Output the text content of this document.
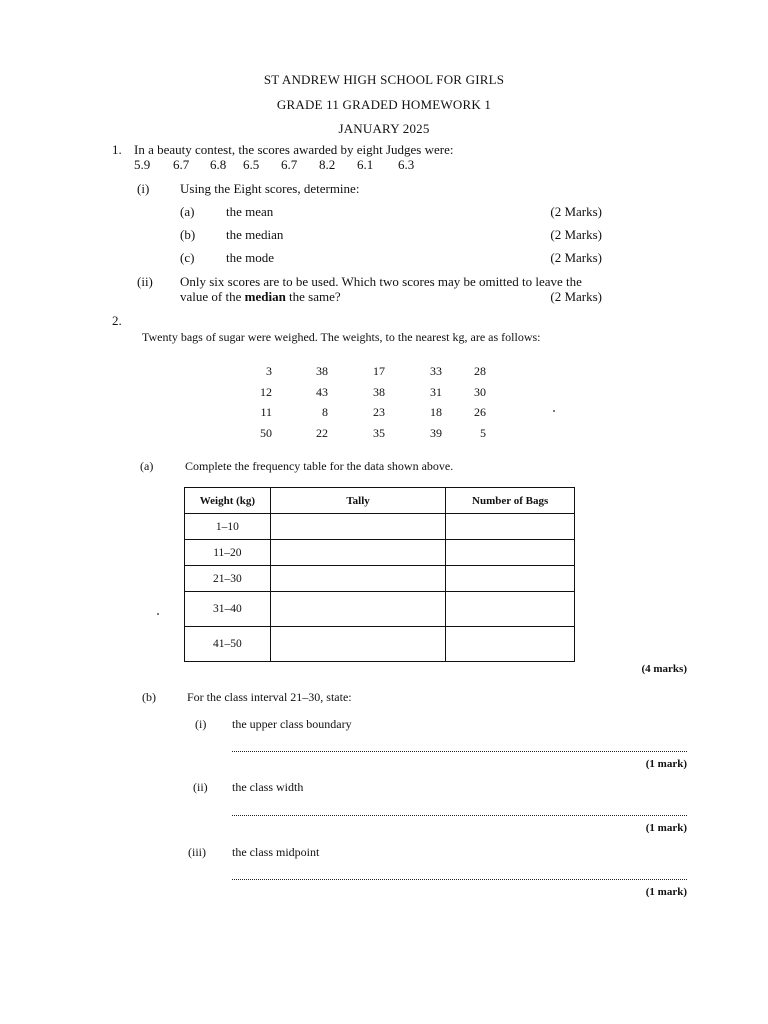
ST ANDREW HIGH SCHOOL FOR GIRLS
GRADE 11 GRADED HOMEWORK 1
JANUARY 2025
1. In a beauty contest, the scores awarded by eight Judges were:
5.9 6.7 6.8 6.5 6.7 8.2 6.1 6.3
(i) Using the Eight scores, determine:
(a) the mean	(2 Marks)
(b) the median	(2 Marks)
(c) the mode	(2 Marks)
(ii) Only six scores are to be used. Which two scores may be omitted to leave the
value of the median the same?	(2 Marks)
2.
Twenty bags of sugar were weighed. The weights, to the nearest kg, are as follows:
3	38	17	33	28
12	43	38	31	30
11	8	23	18	26
50	22	35	39	5
(a)	Complete the frequency table for the data shown above.
Weight (kg)	Tally	Number of Bags
1–10		
11–20		
21–30		
31–40		
41–50		
(4 marks)
(b)	For the class interval 21–30, state:
(i) the upper class boundary
(1 mark)
(ii) the class width
(1 mark)
(iii) the class midpoint
(1 mark)
